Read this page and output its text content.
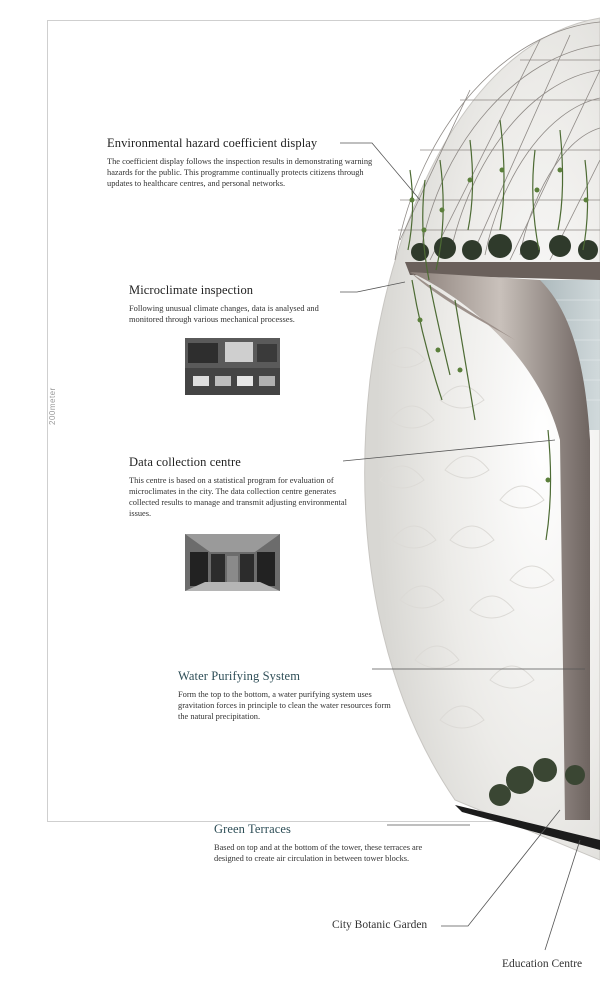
200meter

Environmental hazard coefficient display

The coefficient display follows the inspection results in demonstrating warning hazards for the public. This programme continually protects citizens through updates to healthcare centres, and personal networks.

Microclimate inspection

Following unusual climate changes, data is analysed and monitored through various mechanical processes.

Data collection centre

This centre is based on a statistical program for evaluation of microclimates in the city. The data collection centre generates collected results to manage and transmit adjusting environmental issues.

Water Purifying System

Form the top to the bottom, a water purifying system uses gravitation forces in principle to clean the water resources form the natural precipitation.

Green Terraces

Based on top and at the bottom of the tower, these terraces are designed to create air circulation in between tower blocks.

City Botanic Garden
Education Centre
